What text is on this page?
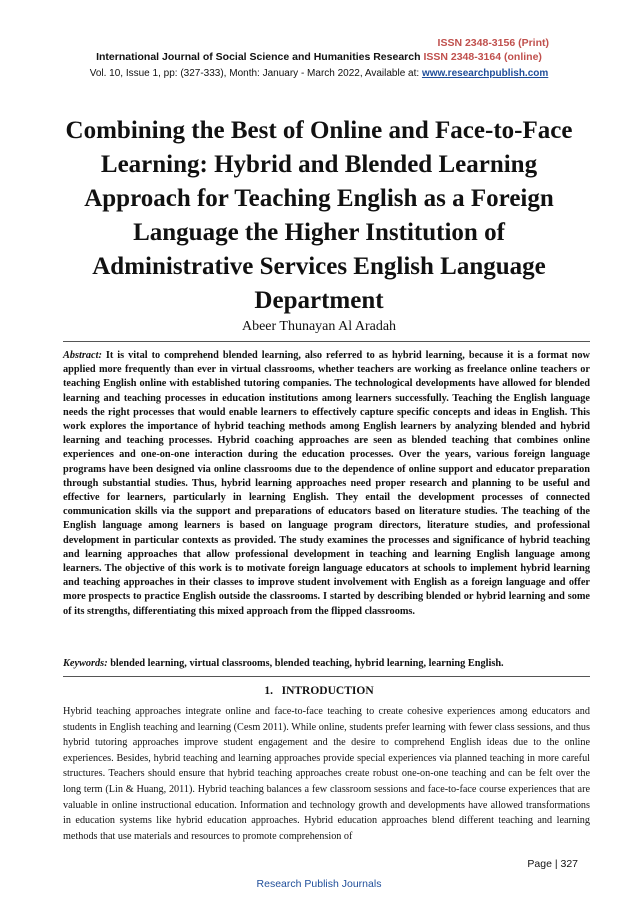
ISSN 2348-3156 (Print)
International Journal of Social Science and Humanities Research ISSN 2348-3164 (online)
Vol. 10, Issue 1, pp: (327-333), Month: January - March 2022, Available at: www.researchpublish.com
Combining the Best of Online and Face-to-Face Learning: Hybrid and Blended Learning Approach for Teaching English as a Foreign Language the Higher Institution of Administrative Services English Language Department
Abeer Thunayan Al Aradah
Abstract: It is vital to comprehend blended learning, also referred to as hybrid learning, because it is a format now applied more frequently than ever in virtual classrooms, whether teachers are working as freelance online teachers or teaching English online with established tutoring companies. The technological developments have allowed for blended learning and teaching processes in education institutions among learners successfully. Teaching the English language needs the right processes that would enable learners to effectively capture specific concepts and ideas in English. This work explores the importance of hybrid teaching methods among English learners by analyzing blended and hybrid learning and teaching processes. Hybrid coaching approaches are seen as blended teaching that combines online experiences and one-on-one interaction during the education processes. Over the years, various foreign language programs have been designed via online classrooms due to the dependence of online support and educator preparation through substantial studies. Thus, hybrid learning approaches need proper research and planning to be useful and effective for learners, particularly in learning English. They entail the development processes of connected communication skills via the support and preparations of educators based on literature studies. The teaching of the English language among learners is based on language program directors, literature studies, and professional development in particular contexts as provided. The study examines the processes and significance of hybrid teaching and learning approaches that allow professional development in teaching and learning English language among learners. The objective of this work is to motivate foreign language educators at schools to implement hybrid learning and teaching approaches in their classes to improve student involvement with English as a foreign language and offer more prospects to practice English outside the classrooms. I started by describing blended or hybrid learning and some of its strengths, differentiating this mixed approach from the flipped classrooms.
Keywords: blended learning, virtual classrooms, blended teaching, hybrid learning, learning English.
1.   INTRODUCTION
Hybrid teaching approaches integrate online and face-to-face teaching to create cohesive experiences among educators and students in English teaching and learning (Cesm 2011). While online, students prefer learning with fewer class sessions, and thus hybrid tutoring approaches improve student engagement and the desire to comprehend English ideas due to the online experiences. Besides, hybrid teaching and learning approaches provide special experiences via planned teaching in more careful structures. Teachers should ensure that hybrid teaching approaches create robust one-on-one teaching and can be felt over the long term (Lin & Huang, 2011). Hybrid teaching balances a few classroom sessions and face-to-face course experiences that are valuable in online instructional education. Information and technology growth and developments have allowed transformations in education systems like hybrid education approaches. Hybrid education approaches blend different teaching and learning methods that use materials and resources to promote comprehension of
Page | 327
Research Publish Journals
